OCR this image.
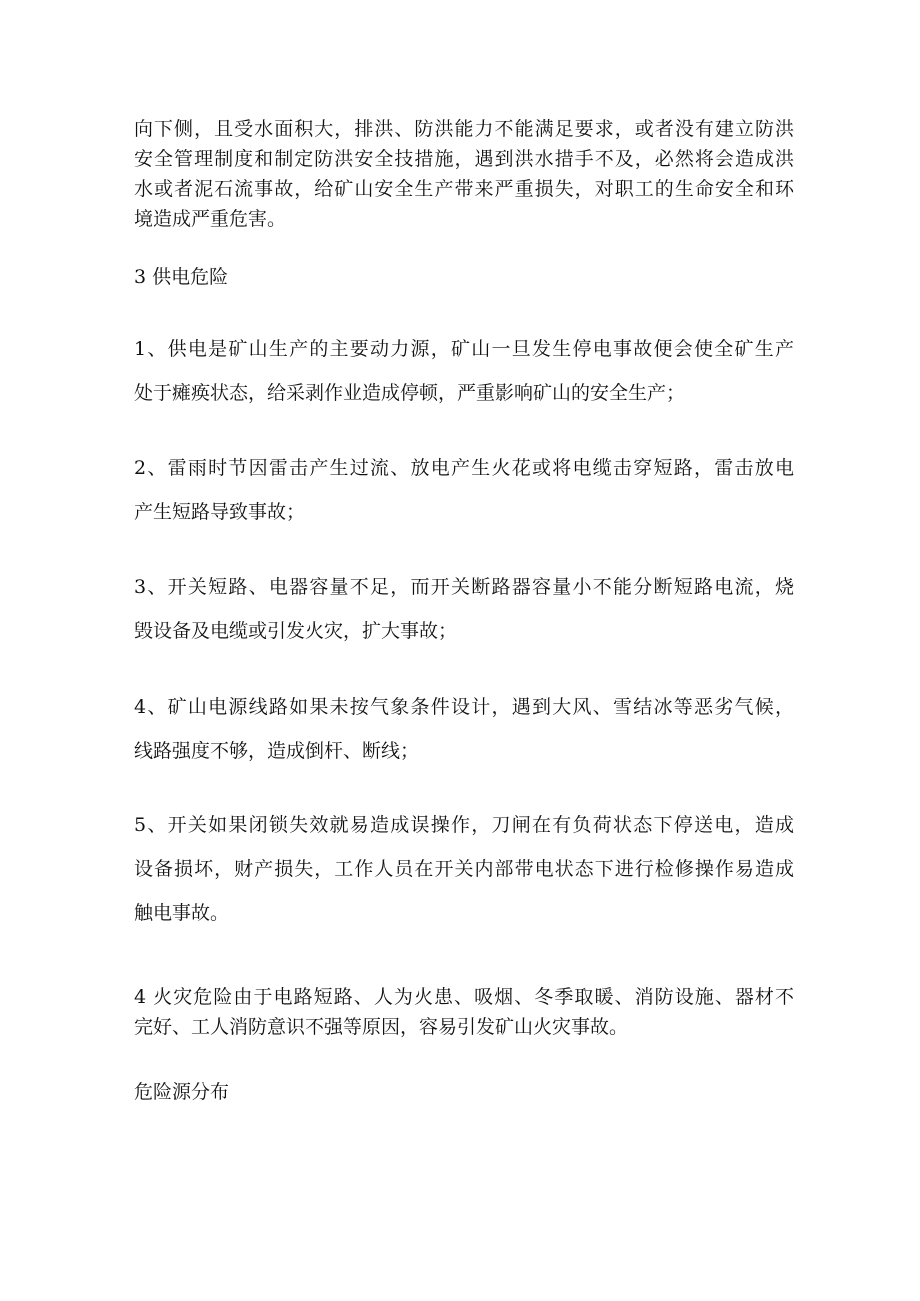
向下侧，且受水面积大，排洪、防洪能力不能满足要求，或者没有建立防洪
安全管理制度和制定防洪安全技措施，遇到洪水措手不及，必然将会造成洪
水或者泥石流事故，给矿山安全生产带来严重损失，对职工的生命安全和环
境造成严重危害。
3 供电危险
1、供电是矿山生产的主要动力源，矿山一旦发生停电事故便会使全矿生产
处于瘫痪状态，给采剥作业造成停顿，严重影响矿山的安全生产；
2、雷雨时节因雷击产生过流、放电产生火花或将电缆击穿短路，雷击放电
产生短路导致事故；
3、开关短路、电器容量不足，而开关断路器容量小不能分断短路电流，烧
毁设备及电缆或引发火灾，扩大事故；
4、矿山电源线路如果未按气象条件设计，遇到大风、雪结冰等恶劣气候，
线路强度不够，造成倒杆、断线；
5、开关如果闭锁失效就易造成误操作，刀闸在有负荷状态下停送电，造成
设备损坏，财产损失，工作人员在开关内部带电状态下进行检修操作易造成
触电事故。
4 火灾危险由于电路短路、人为火患、吸烟、冬季取暖、消防设施、器材不
完好、工人消防意识不强等原因，容易引发矿山火灾事故。
危险源分布
